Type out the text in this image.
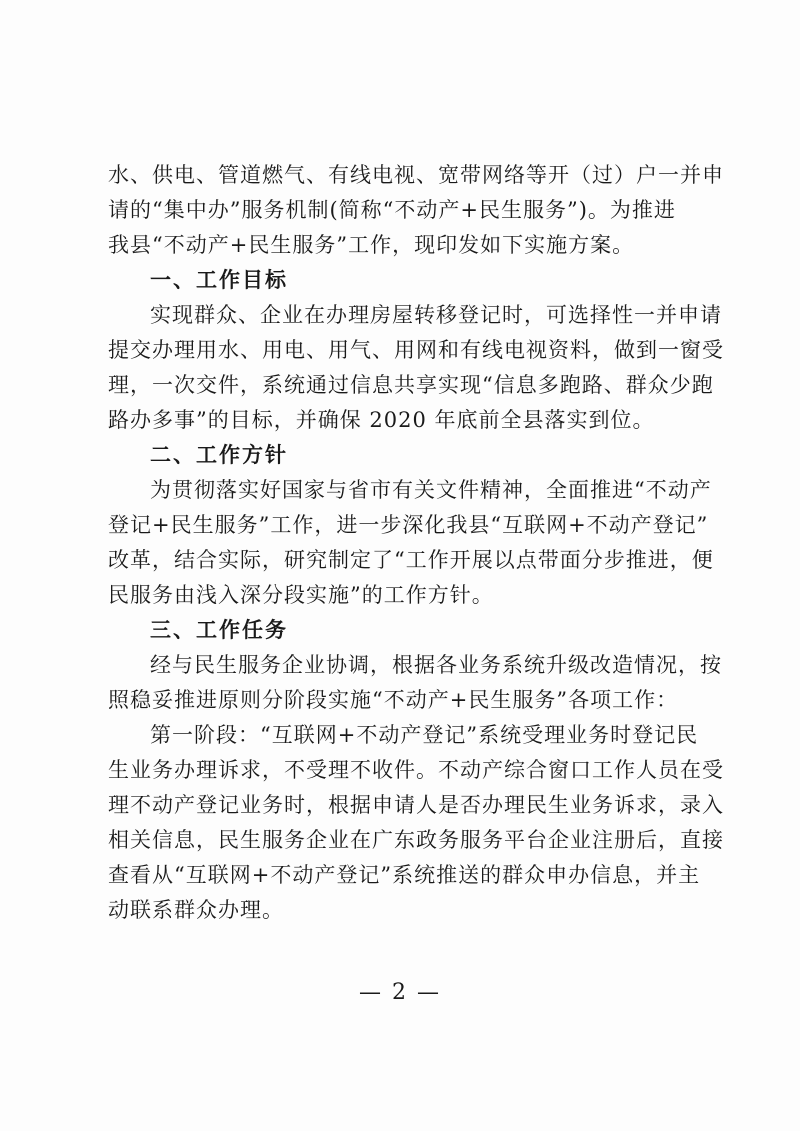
水、供电、管道燃气、有线电视、宽带网络等开（过）户一并申
请的“集中办”服务机制(简称“不动产+民生服务”)。为推进
我县“不动产+民生服务”工作，现印发如下实施方案。
一、工作目标
实现群众、企业在办理房屋转移登记时，可选择性一并申请
提交办理用水、用电、用气、用网和有线电视资料，做到一窗受
理，一次交件，系统通过信息共享实现“信息多跑路、群众少跑
路办多事”的目标，并确保 2020 年底前全县落实到位。
二、工作方针
为贯彻落实好国家与省市有关文件精神，全面推进“不动产
登记+民生服务”工作，进一步深化我县“互联网+不动产登记”
改革，结合实际，研究制定了“工作开展以点带面分步推进，便
民服务由浅入深分段实施”的工作方针。
三、工作任务
经与民生服务企业协调，根据各业务系统升级改造情况，按
照稳妥推进原则分阶段实施“不动产+民生服务”各项工作：
第一阶段：“互联网+不动产登记”系统受理业务时登记民
生业务办理诉求，不受理不收件。不动产综合窗口工作人员在受
理不动产登记业务时，根据申请人是否办理民生业务诉求，录入
相关信息，民生服务企业在广东政务服务平台企业注册后，直接
查看从“互联网+不动产登记”系统推送的群众申办信息，并主
动联系群众办理。
— 2 —
